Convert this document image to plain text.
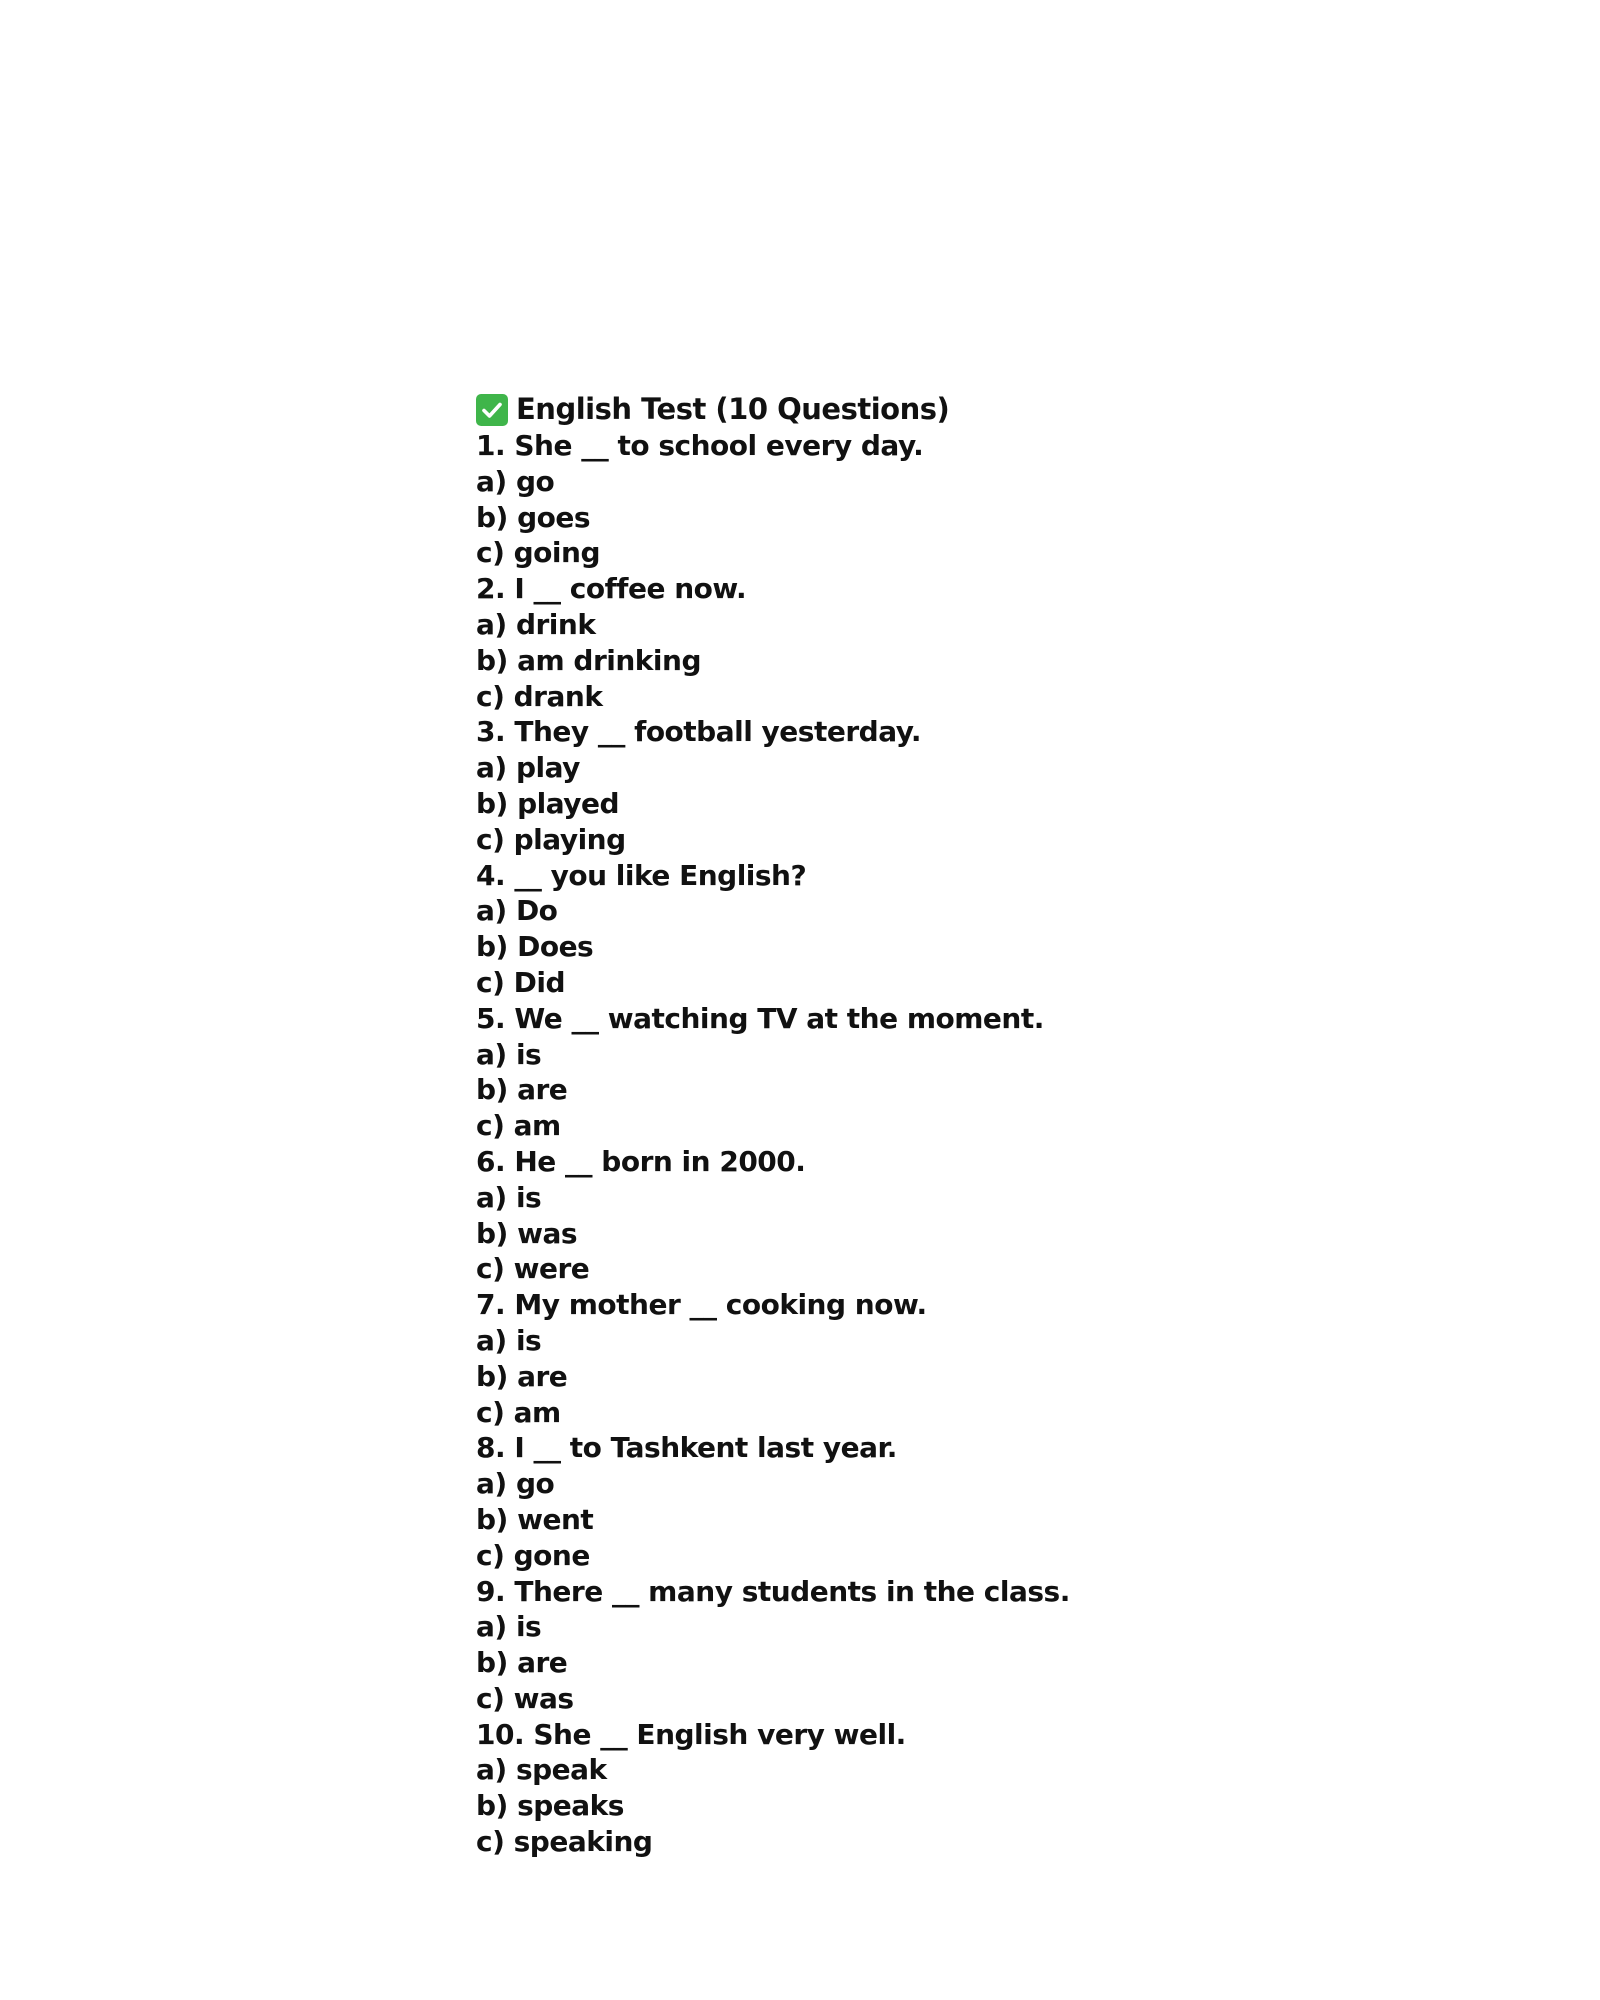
English Test (10 Questions)
1. She __ to school every day.
a) go
b) goes
c) going
2. I __ coffee now.
a) drink
b) am drinking
c) drank
3. They __ football yesterday.
a) play
b) played
c) playing
4. __ you like English?
a) Do
b) Does
c) Did
5. We __ watching TV at the moment.
a) is
b) are
c) am
6. He __ born in 2000.
a) is
b) was
c) were
7. My mother __ cooking now.
a) is
b) are
c) am
8. I __ to Tashkent last year.
a) go
b) went
c) gone
9. There __ many students in the class.
a) is
b) are
c) was
10. She __ English very well.
a) speak
b) speaks
c) speaking
